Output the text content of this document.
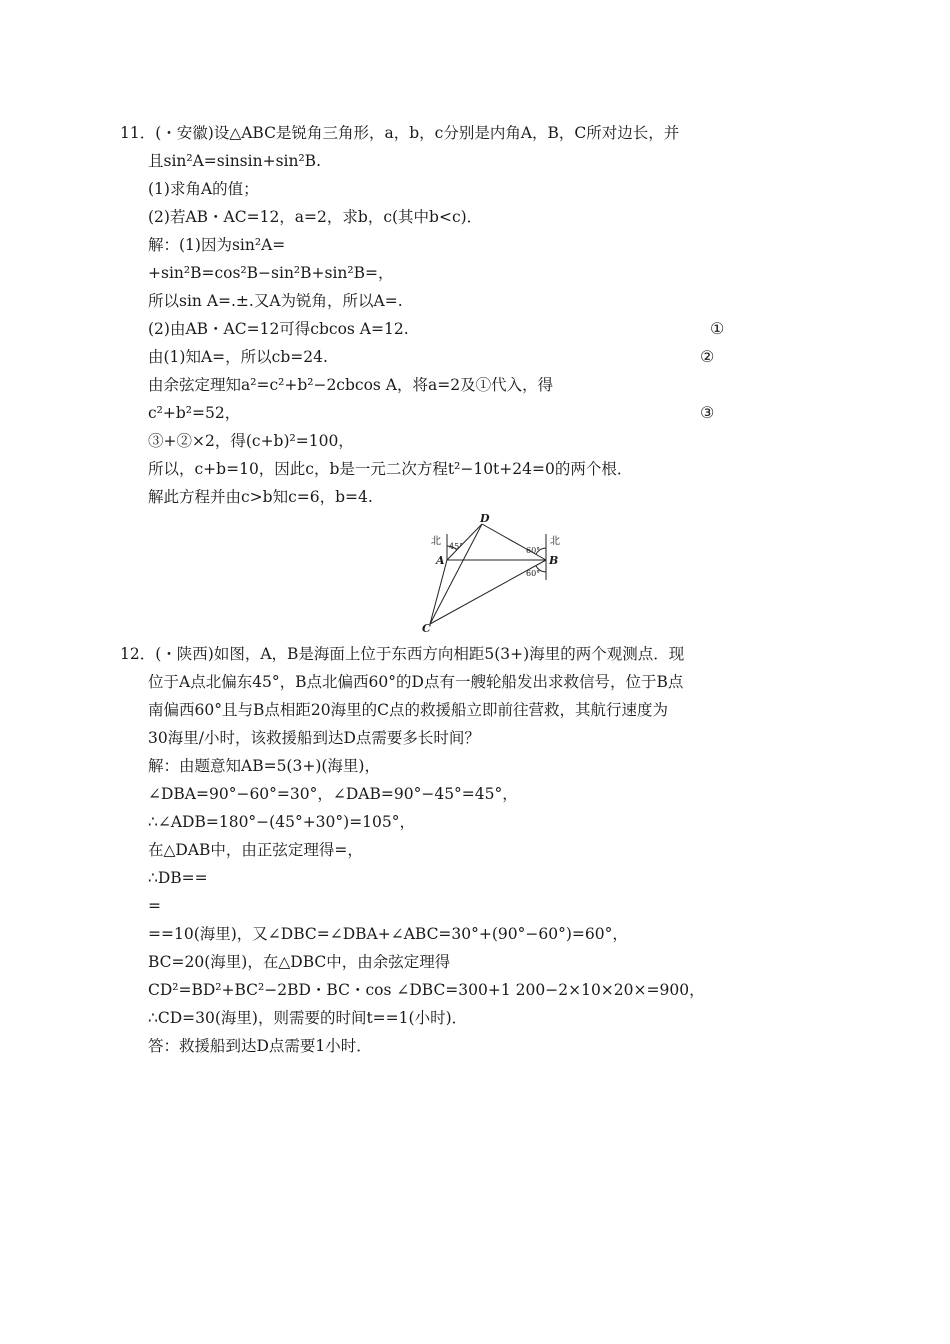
11．(・安徽)设△ABC是锐角三角形，a，b，c分别是内角A，B，C所对边长，并
且sin²A=sinsin+sin²B.
(1)求角A的值；
(2)若AB・AC=12，a=2，求b，c(其中b<c)．
解：(1)因为sin²A=
+sin²B=cos²B−sin²B+sin²B=，
所以sin A=.±.又A为锐角，所以A=.
(2)由AB・AC=12可得cbcos A=12.
由(1)知A=，所以cb=24.
由余弦定理知a²=c²+b²−2cbcos A，将a=2及①代入，得
c²+b²=52，
③+②×2，得(c+b)²=100，
所以，c+b=10，因此c，b是一元二次方程t²−10t+24=0的两个根．
解此方程并由c>b知c=6，b=4.
①
②
③
D
A	B
C
北	北
45°	60°
60°
12．(・陕西)如图，A，B是海面上位于东西方向相距5(3+)海里的两个观测点．现
位于A点北偏东45°，B点北偏西60°的D点有一艘轮船发出求救信号，位于B点
南偏西60°且与B点相距20海里的C点的救援船立即前往营救，其航行速度为
30海里/小时，该救援船到达D点需要多长时间？
解：由题意知AB=5(3+)(海里)，
∠DBA=90°−60°=30°，∠DAB=90°−45°=45°，
∴∠ADB=180°−(45°+30°)=105°，
在△DAB中，由正弦定理得=，
∴DB==
=
==10(海里)，又∠DBC=∠DBA+∠ABC=30°+(90°−60°)=60°，
BC=20(海里)，在△DBC中，由余弦定理得
CD²=BD²+BC²−2BD・BC・cos ∠DBC=300+1 200−2×10×20×=900，
∴CD=30(海里)，则需要的时间t==1(小时)．
答：救援船到达D点需要1小时．
